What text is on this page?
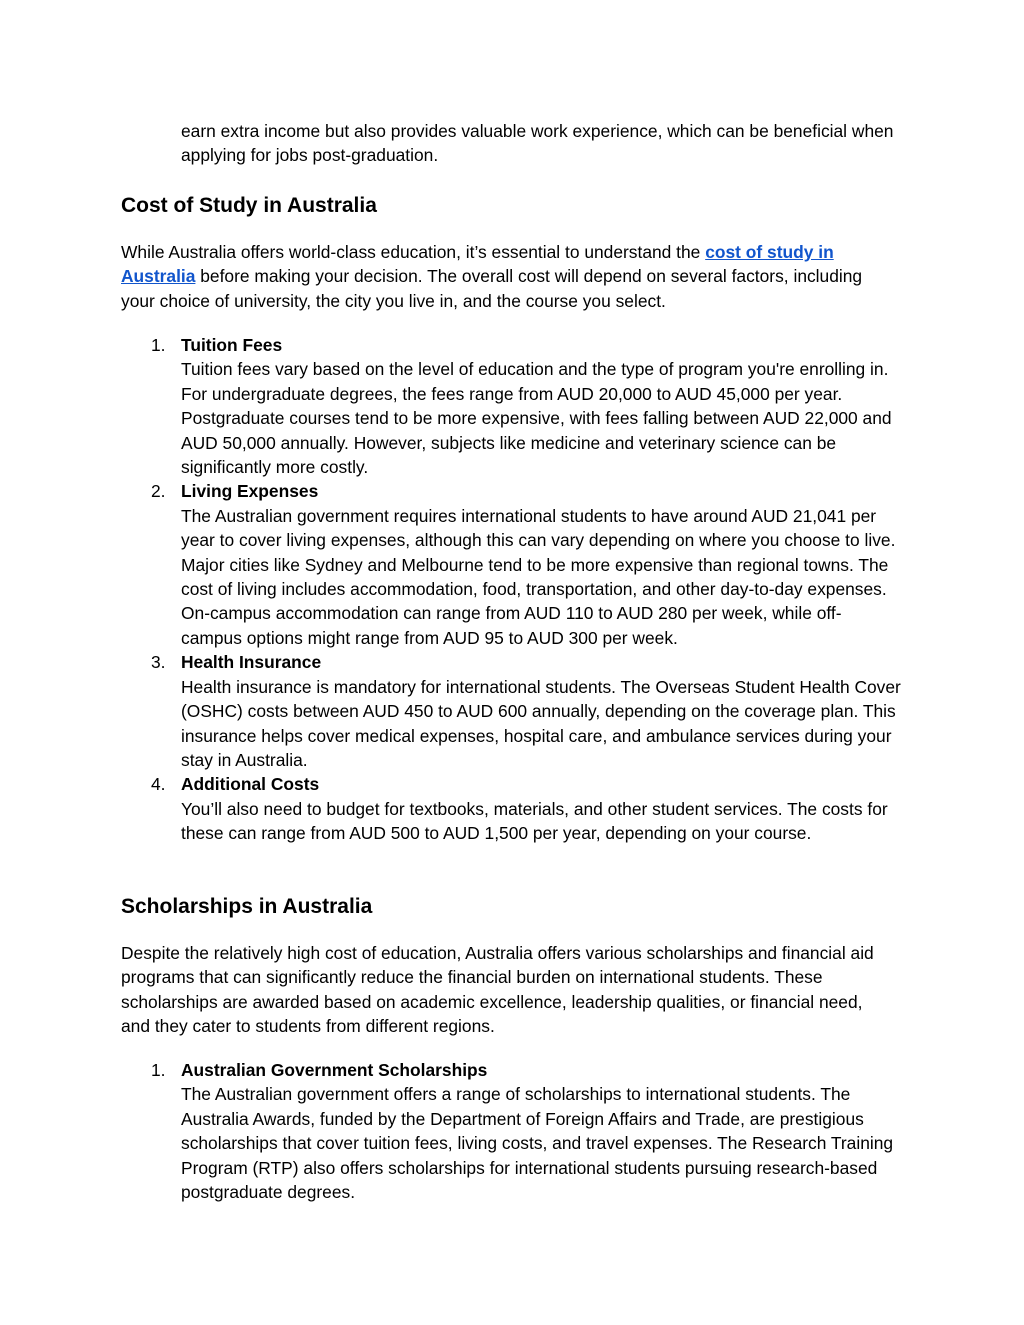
earn extra income but also provides valuable work experience, which can be beneficial when applying for jobs post-graduation.

Cost of Study in Australia

While Australia offers world-class education, it’s essential to understand the cost of study in Australia before making your decision. The overall cost will depend on several factors, including your choice of university, the city you live in, and the course you select.

1. Tuition Fees
Tuition fees vary based on the level of education and the type of program you're enrolling in. For undergraduate degrees, the fees range from AUD 20,000 to AUD 45,000 per year. Postgraduate courses tend to be more expensive, with fees falling between AUD 22,000 and AUD 50,000 annually. However, subjects like medicine and veterinary science can be significantly more costly.
2. Living Expenses
The Australian government requires international students to have around AUD 21,041 per year to cover living expenses, although this can vary depending on where you choose to live. Major cities like Sydney and Melbourne tend to be more expensive than regional towns. The cost of living includes accommodation, food, transportation, and other day-to-day expenses. On-campus accommodation can range from AUD 110 to AUD 280 per week, while off-campus options might range from AUD 95 to AUD 300 per week.
3. Health Insurance
Health insurance is mandatory for international students. The Overseas Student Health Cover (OSHC) costs between AUD 450 to AUD 600 annually, depending on the coverage plan. This insurance helps cover medical expenses, hospital care, and ambulance services during your stay in Australia.
4. Additional Costs
You’ll also need to budget for textbooks, materials, and other student services. The costs for these can range from AUD 500 to AUD 1,500 per year, depending on your course.
Scholarships in Australia

Despite the relatively high cost of education, Australia offers various scholarships and financial aid programs that can significantly reduce the financial burden on international students. These scholarships are awarded based on academic excellence, leadership qualities, or financial need, and they cater to students from different regions.

1. Australian Government Scholarships
The Australian government offers a range of scholarships to international students. The Australia Awards, funded by the Department of Foreign Affairs and Trade, are prestigious scholarships that cover tuition fees, living costs, and travel expenses. The Research Training Program (RTP) also offers scholarships for international students pursuing research-based postgraduate degrees.
